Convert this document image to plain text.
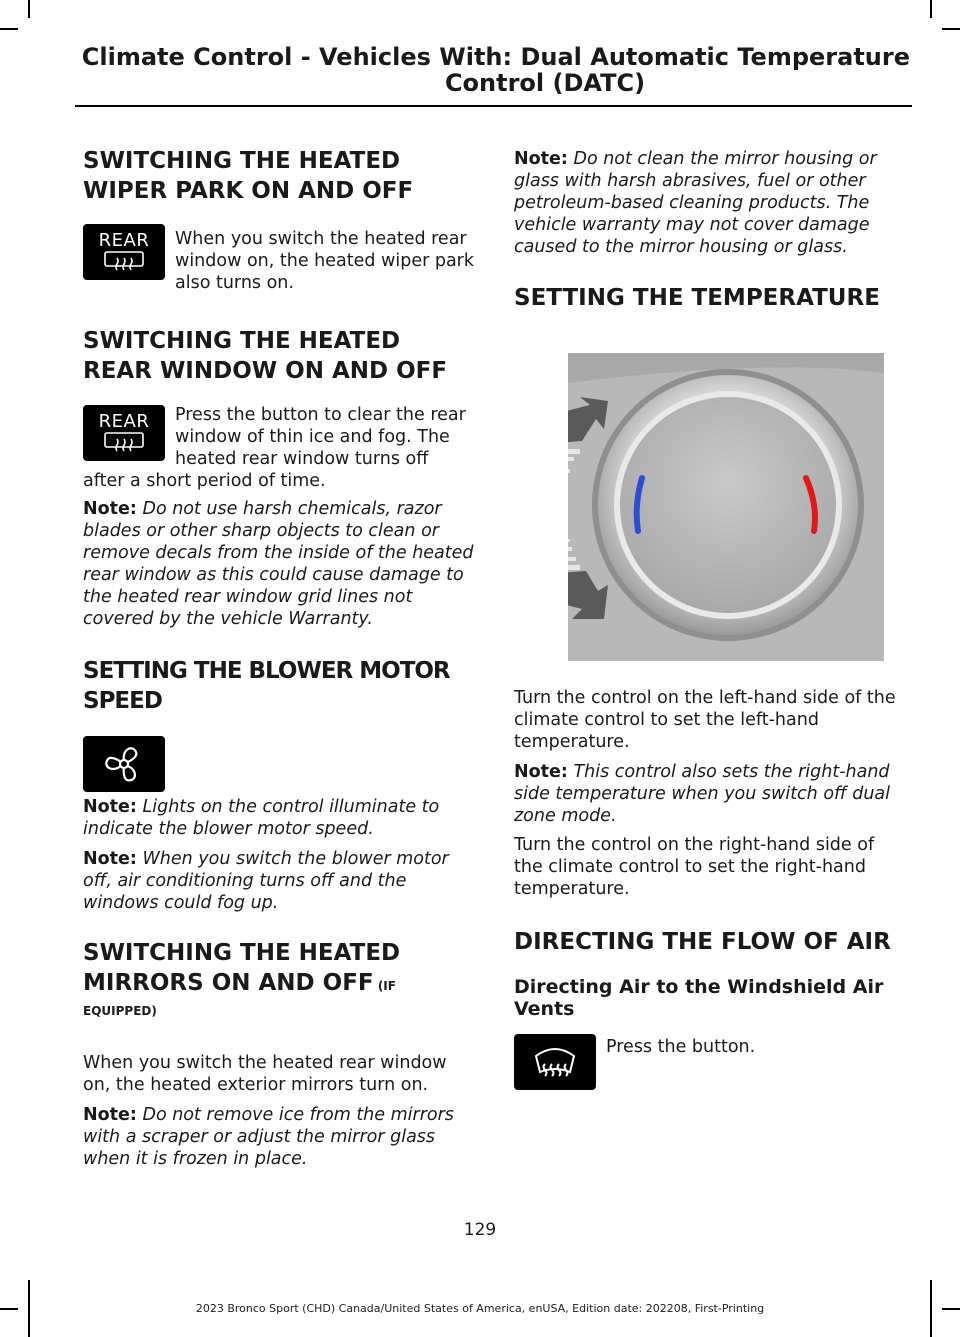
Climate Control - Vehicles With: Dual Automatic Temperature
Control (DATC)
SWITCHING THE HEATED
WIPER PARK ON AND OFF
REAR When you switch the heated rear window on, the heated wiper park also turns on.

SWITCHING THE HEATED
REAR WINDOW ON AND OFF
REAR	Press the button to clear the rear

window of thin ice and fog. The

heated rear window turns off

after a short period of time.

Note: Do not use harsh chemicals, razor blades or other sharp objects to clean or remove decals from the inside of the heated rear window as this could cause damage to the heated rear window grid lines not covered by the vehicle Warranty.

SETTING THE BLOWER MOTOR
SPEED

Note: Lights on the control illuminate to indicate the blower motor speed.

Note: When you switch the blower motor off, air conditioning turns off and the windows could fog up.

SWITCHING THE HEATED
MIRRORS ON AND OFF (IF
EQUIPPED)

When you switch the heated rear window on, the heated exterior mirrors turn on.

Note: Do not remove ice from the mirrors with a scraper or adjust the mirror glass when it is frozen in place.

Note: Do not clean the mirror housing or glass with harsh abrasives, fuel or other petroleum-based cleaning products. The vehicle warranty may not cover damage caused to the mirror housing or glass.

SETTING THE TEMPERATURE

Turn the control on the left-hand side of the climate control to set the left-hand temperature.

Note: This control also sets the right-hand side temperature when you switch off dual zone mode.

Turn the control on the right-hand side of the climate control to set the right-hand temperature.

DIRECTING THE FLOW OF AIR
Directing Air to the Windshield Air Vents

Press the button.

129
2023 Bronco Sport (CHD) Canada/United States of America, enUSA, Edition date: 202208, First-Printing
